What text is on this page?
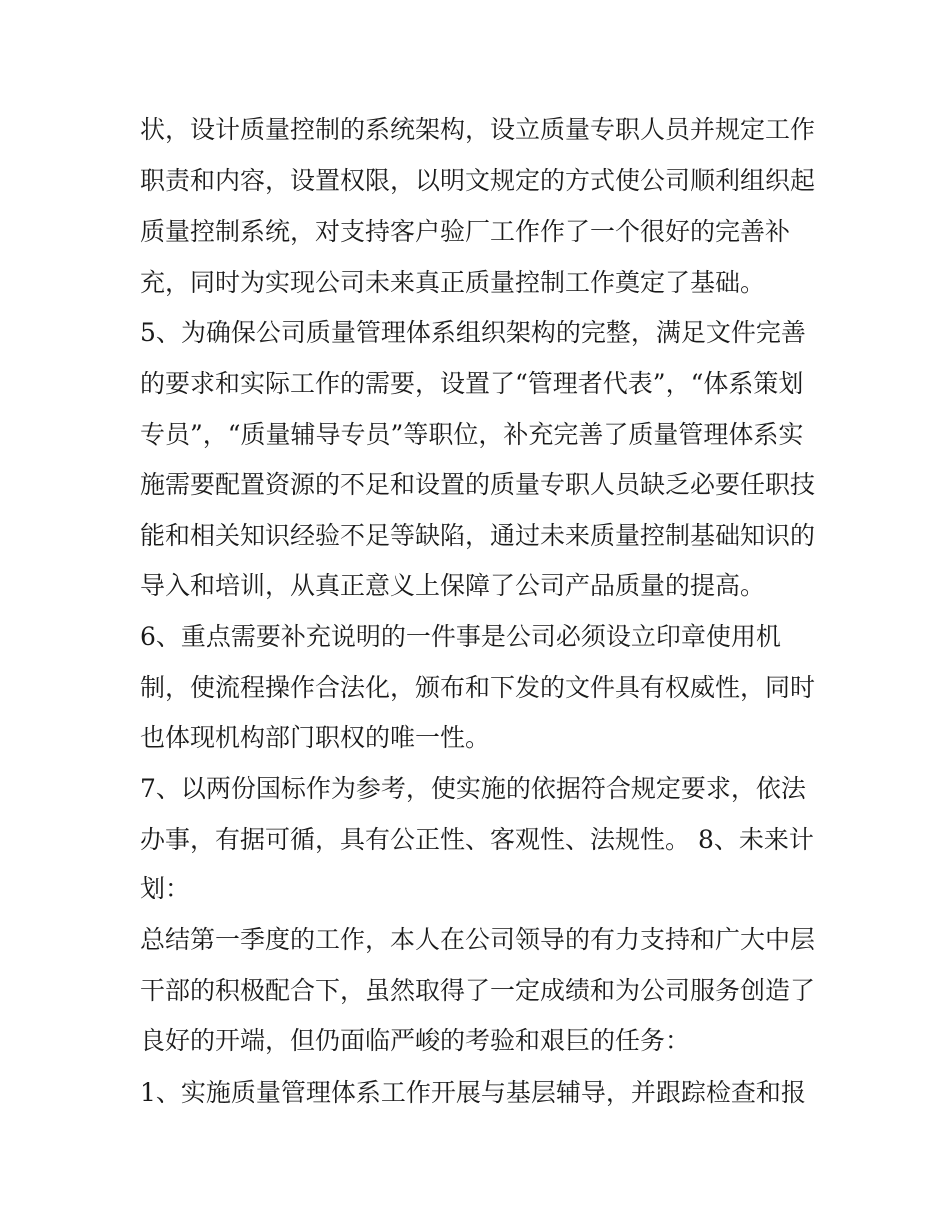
状，设计质量控制的系统架构，设立质量专职人员并规定工作
职责和内容，设置权限，以明文规定的方式使公司顺利组织起
质量控制系统，对支持客户验厂工作作了一个很好的完善补
充，同时为实现公司未来真正质量控制工作奠定了基础。
5、为确保公司质量管理体系组织架构的完整，满足文件完善
的要求和实际工作的需要，设置了“管理者代表”，“体系策划
专员”，“质量辅导专员”等职位，补充完善了质量管理体系实
施需要配置资源的不足和设置的质量专职人员缺乏必要任职技
能和相关知识经验不足等缺陷，通过未来质量控制基础知识的
导入和培训，从真正意义上保障了公司产品质量的提高。
6、重点需要补充说明的一件事是公司必须设立印章使用机
制，使流程操作合法化，颁布和下发的文件具有权威性，同时
也体现机构部门职权的唯一性。
7、以两份国标作为参考，使实施的依据符合规定要求，依法
办事，有据可循，具有公正性、客观性、法规性。 8、未来计
划：
总结第一季度的工作，本人在公司领导的有力支持和广大中层
干部的积极配合下，虽然取得了一定成绩和为公司服务创造了
良好的开端，但仍面临严峻的考验和艰巨的任务：
1、实施质量管理体系工作开展与基层辅导，并跟踪检查和报
